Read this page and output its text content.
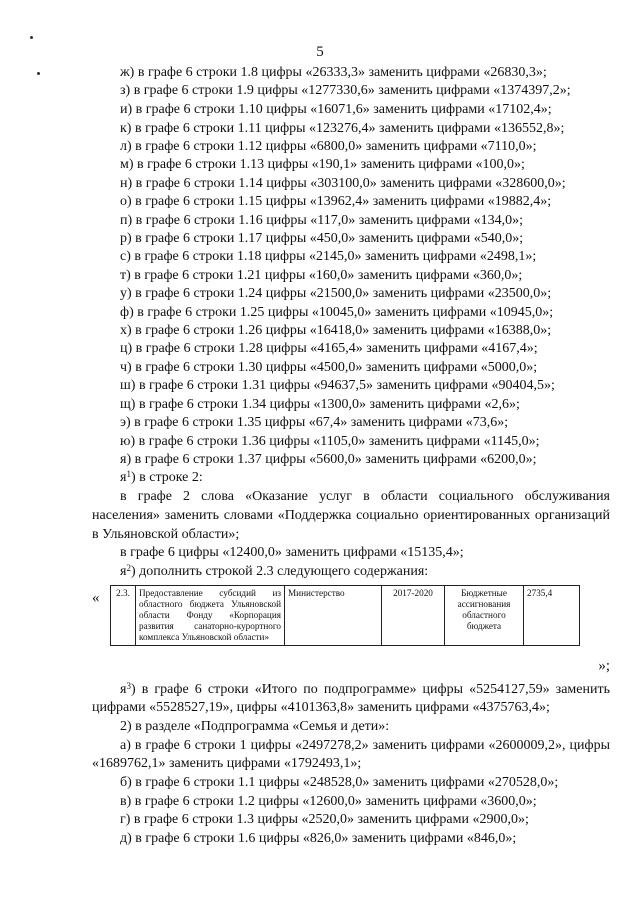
5

ж) в графе 6 строки 1.8 цифры «26333,3» заменить цифрами «26830,3»;

з) в графе 6 строки 1.9 цифры «1277330,6» заменить цифрами «1374397,2»;

и) в графе 6 строки 1.10 цифры «16071,6» заменить цифрами «17102,4»;

к) в графе 6 строки 1.11 цифры «123276,4» заменить цифрами «136552,8»;

л) в графе 6 строки 1.12 цифры «6800,0» заменить цифрами «7110,0»;

м) в графе 6 строки 1.13 цифры «190,1» заменить цифрами «100,0»;

н) в графе 6 строки 1.14 цифры «303100,0» заменить цифрами «328600,0»;

о) в графе 6 строки 1.15 цифры «13962,4» заменить цифрами «19882,4»;

п) в графе 6 строки 1.16 цифры «117,0» заменить цифрами «134,0»;

р) в графе 6 строки 1.17 цифры «450,0» заменить цифрами «540,0»;

с) в графе 6 строки 1.18 цифры «2145,0» заменить цифрами «2498,1»;

т) в графе 6 строки 1.21 цифры «160,0» заменить цифрами «360,0»;

у) в графе 6 строки 1.24 цифры «21500,0» заменить цифрами «23500,0»;

ф) в графе 6 строки 1.25 цифры «10045,0» заменить цифрами «10945,0»;

х) в графе 6 строки 1.26 цифры «16418,0» заменить цифрами «16388,0»;

ц) в графе 6 строки 1.28 цифры «4165,4» заменить цифрами «4167,4»;

ч) в графе 6 строки 1.30 цифры «4500,0» заменить цифрами «5000,0»;

ш) в графе 6 строки 1.31 цифры «94637,5» заменить цифрами «90404,5»;

щ) в графе 6 строки 1.34 цифры «1300,0» заменить цифрами «2,6»;

э) в графе 6 строки 1.35 цифры «67,4» заменить цифрами «73,6»;

ю) в графе 6 строки 1.36 цифры «1105,0» заменить цифрами «1145,0»;

я) в графе 6 строки 1.37 цифры «5600,0» заменить цифрами «6200,0»;

$я^1$) в строке 2:

в графе 2 слова «Оказание услуг в области социального обслуживания населения» заменить словами «Поддержка социально ориентированных организаций в Ульяновской области»;

в графе 6 цифры «12400,0» заменить цифрами «15135,4»;

$я^2$) дополнить строкой 2.3 следующего содержания:

« 2.3.	Предоставление субсидий из областного бюджета Ульяновской области Фонду «Корпорация развития санаторно-курортного комплекса Ульяновской области»	Министерство	2017-2020	Бюджетные ассигнования областного бюджета	2735,4
»;

$я^3$) в графе 6 строки «Итого по подпрограмме» цифры «5254127,59» заменить цифрами «5528527,19», цифры «4101363,8» заменить цифрами «4375763,4»;

2) в разделе «Подпрограмма «Семья и дети»:

а) в графе 6 строки 1 цифры «2497278,2» заменить цифрами «2600009,2», цифры «1689762,1» заменить цифрами «1792493,1»;

б) в графе 6 строки 1.1 цифры «248528,0» заменить цифрами «270528,0»;

в) в графе 6 строки 1.2 цифры «12600,0» заменить цифрами «3600,0»;

г) в графе 6 строки 1.3 цифры «2520,0» заменить цифрами «2900,0»;

д) в графе 6 строки 1.6 цифры «826,0» заменить цифрами «846,0»;
